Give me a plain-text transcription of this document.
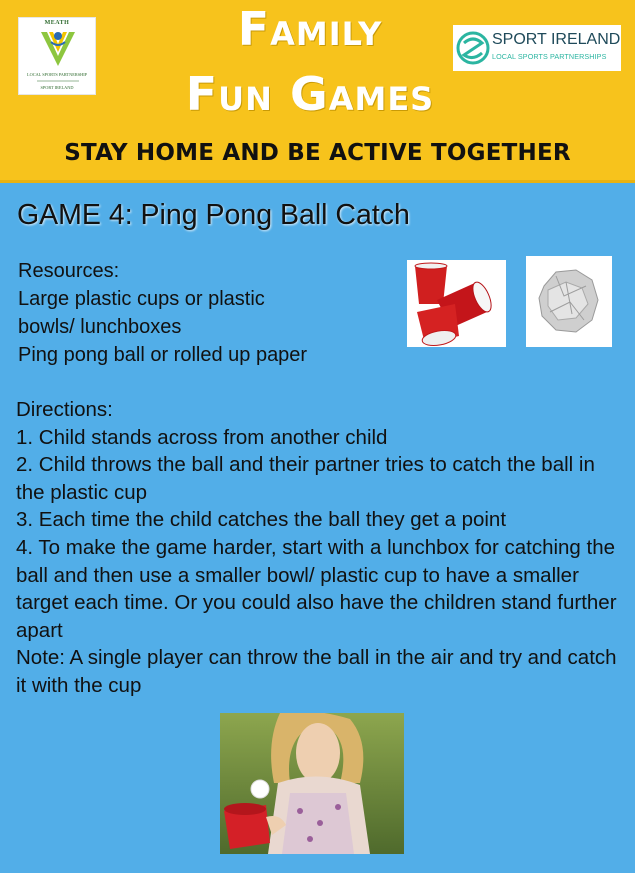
MEATH
LOCAL SPORTS PARTNERSHIP
SPORT IRELAND
Family
Fun Games
SPORT IRELAND
LOCAL SPORTS PARTNERSHIPS
STAY HOME AND BE ACTIVE TOGETHER
GAME 4: Ping Pong Ball Catch
Resources:
Large plastic cups or plastic
bowls/ lunchboxes
Ping pong ball or rolled up paper
Directions:
1. Child stands across from another child
2. Child throws the ball and their partner tries to catch the ball in the plastic cup
3. Each time the child catches the ball they get a point
4. To make the game harder, start with a lunchbox for catching the ball and then use a smaller bowl/ plastic cup to have a smaller target each time. Or you could also have the children stand further apart
Note: A single player can throw the ball in the air and try and catch it with the cup
